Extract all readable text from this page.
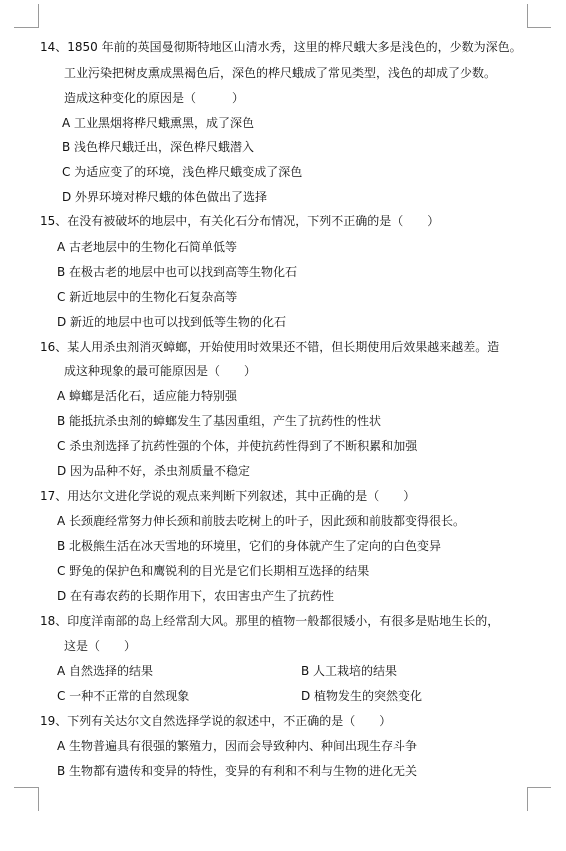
14、1850 年前的英国曼彻斯特地区山清水秀，这里的桦尺蛾大多是浅色的，少数为深色。
工业污染把树皮熏成黑褐色后，深色的桦尺蛾成了常见类型，浅色的却成了少数。
造成这种变化的原因是（　　　）
A 工业黑烟将桦尺蛾熏黑，成了深色
B 浅色桦尺蛾迁出，深色桦尺蛾潜入
C 为适应变了的环境，浅色桦尺蛾变成了深色
D 外界环境对桦尺蛾的体色做出了选择
15、在没有被破坏的地层中，有关化石分布情况，下列不正确的是（　　）
A 古老地层中的生物化石简单低等
B 在极古老的地层中也可以找到高等生物化石
C 新近地层中的生物化石复杂高等
D 新近的地层中也可以找到低等生物的化石
16、某人用杀虫剂消灭蟑螂，开始使用时效果还不错，但长期使用后效果越来越差。造
成这种现象的最可能原因是（　　）
A 蟑螂是活化石，适应能力特别强
B 能抵抗杀虫剂的蟑螂发生了基因重组，产生了抗药性的性状
C 杀虫剂选择了抗药性强的个体，并使抗药性得到了不断积累和加强
D 因为品种不好，杀虫剂质量不稳定
17、用达尔文进化学说的观点来判断下列叙述，其中正确的是（　　）
A 长颈鹿经常努力伸长颈和前肢去吃树上的叶子，因此颈和前肢都变得很长。
B 北极熊生活在冰天雪地的环境里，它们的身体就产生了定向的白色变异
C 野兔的保护色和鹰锐利的目光是它们长期相互选择的结果
D 在有毒农药的长期作用下，农田害虫产生了抗药性
18、印度洋南部的岛上经常刮大风。那里的植物一般都很矮小，有很多是贴地生长的，
这是（　　）
A 自然选择的结果	B 人工栽培的结果
C 一种不正常的自然现象	D 植物发生的突然变化
19、下列有关达尔文自然选择学说的叙述中，不正确的是（　　）
A 生物普遍具有很强的繁殖力，因而会导致种内、种间出现生存斗争
B 生物都有遗传和变异的特性，变异的有利和不利与生物的进化无关
